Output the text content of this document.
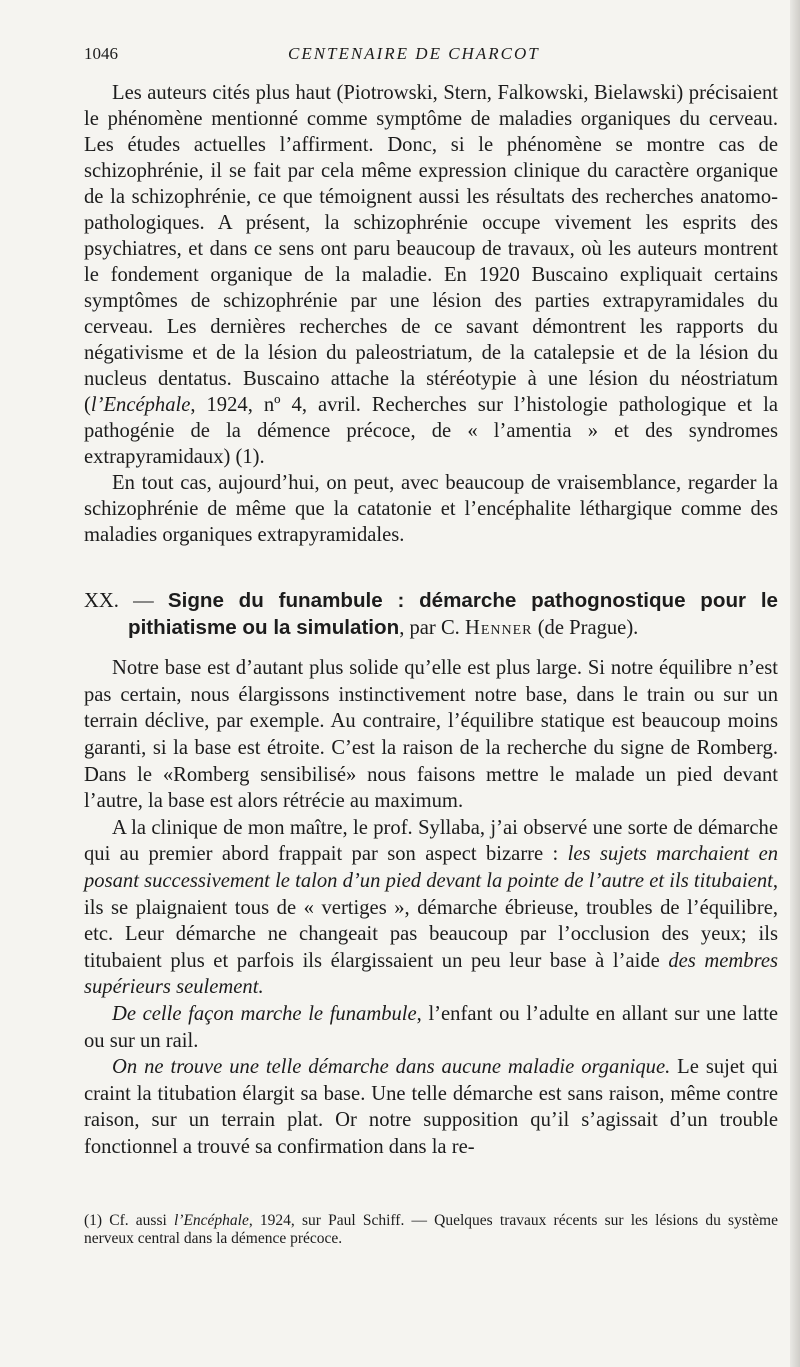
1046	CENTENAIRE DE CHARCOT

Les auteurs cités plus haut (Piotrowski, Stern, Falkowski, Bielawski) précisaient le phénomène mentionné comme symptôme de maladies organiques du cerveau. Les études actuelles l’affirment. Donc, si le phénomène se montre cas de schizophrénie, il se fait par cela même expression clinique du caractère organique de la schizophrénie, ce que témoignent aussi les résultats des recherches anatomo-pathologiques. A présent, la schizophrénie occupe vivement les esprits des psychiatres, et dans ce sens ont paru beaucoup de travaux, où les auteurs montrent le fondement organique de la maladie. En 1920 Buscaino expliquait certains symptômes de schizophrénie par une lésion des parties extrapyramidales du cerveau. Les dernières recherches de ce savant démontrent les rapports du négativisme et de la lésion du paleostriatum, de la catalepsie et de la lésion du nucleus dentatus. Buscaino attache la stéréotypie à une lésion du néostriatum (l’Encéphale, 1924, nº 4, avril. Recherches sur l’histologie pathologique et la pathogénie de la démence précoce, de « l’amentia » et des syndromes extrapyramidaux) (1).

En tout cas, aujourd’hui, on peut, avec beaucoup de vraisemblance, regarder la schizophrénie de même que la catatonie et l’encéphalite léthargique comme des maladies organiques extrapyramidales.

XX. — Signe du funambule : démarche pathognostique pour le pithiatisme ou la simulation, par C. Henner (de Prague).

Notre base est d’autant plus solide qu’elle est plus large. Si notre équilibre n’est pas certain, nous élargissons instinctivement notre base, dans le train ou sur un terrain déclive, par exemple. Au contraire, l’équilibre statique est beaucoup moins garanti, si la base est étroite. C’est la raison de la recherche du signe de Romberg. Dans le «Romberg sensibilisé» nous faisons mettre le malade un pied devant l’autre, la base est alors rétrécie au maximum.

A la clinique de mon maître, le prof. Syllaba, j’ai observé une sorte de démarche qui au premier abord frappait par son aspect bizarre : les sujets marchaient en posant successivement le talon d’un pied devant la pointe de l’autre et ils titubaient, ils se plaignaient tous de « vertiges », démarche ébrieuse, troubles de l’équilibre, etc. Leur démarche ne changeait pas beaucoup par l’occlusion des yeux; ils titubaient plus et parfois ils élargissaient un peu leur base à l’aide des membres supérieurs seulement.

De celle façon marche le funambule, l’enfant ou l’adulte en allant sur une latte ou sur un rail.

On ne trouve une telle démarche dans aucune maladie organique. Le sujet qui craint la titubation élargit sa base. Une telle démarche est sans raison, même contre raison, sur un terrain plat. Or notre supposition qu’il s’agissait d’un trouble fonctionnel a trouvé sa confirmation dans la re-

(1) Cf. aussi l’Encéphale, 1924, sur Paul Schiff. — Quelques travaux récents sur les lésions du système nerveux central dans la démence précoce.
